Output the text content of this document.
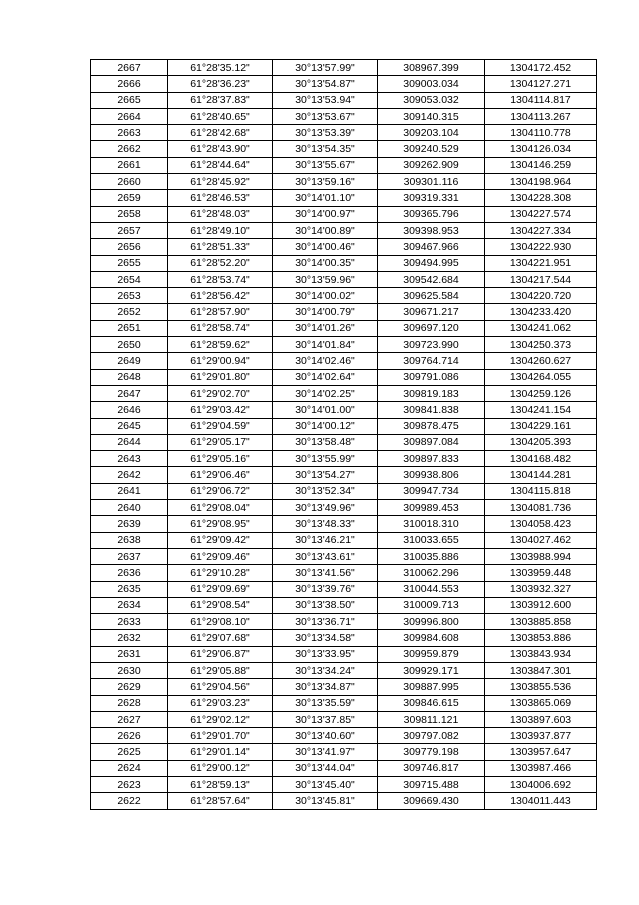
2667	61°28'35.12"	30°13'57.99"	308967.399	1304172.452
2666	61°28'36.23"	30°13'54.87"	309003.034	1304127.271
2665	61°28'37.83"	30°13'53.94"	309053.032	1304114.817
2664	61°28'40.65"	30°13'53.67"	309140.315	1304113.267
2663	61°28'42.68"	30°13'53.39"	309203.104	1304110.778
2662	61°28'43.90"	30°13'54.35"	309240.529	1304126.034
2661	61°28'44.64"	30°13'55.67"	309262.909	1304146.259
2660	61°28'45.92"	30°13'59.16"	309301.116	1304198.964
2659	61°28'46.53"	30°14'01.10"	309319.331	1304228.308
2658	61°28'48.03"	30°14'00.97"	309365.796	1304227.574
2657	61°28'49.10"	30°14'00.89"	309398.953	1304227.334
2656	61°28'51.33"	30°14'00.46"	309467.966	1304222.930
2655	61°28'52.20"	30°14'00.35"	309494.995	1304221.951
2654	61°28'53.74"	30°13'59.96"	309542.684	1304217.544
2653	61°28'56.42"	30°14'00.02"	309625.584	1304220.720
2652	61°28'57.90"	30°14'00.79"	309671.217	1304233.420
2651	61°28'58.74"	30°14'01.26"	309697.120	1304241.062
2650	61°28'59.62"	30°14'01.84"	309723.990	1304250.373
2649	61°29'00.94"	30°14'02.46"	309764.714	1304260.627
2648	61°29'01.80"	30°14'02.64"	309791.086	1304264.055
2647	61°29'02.70"	30°14'02.25"	309819.183	1304259.126
2646	61°29'03.42"	30°14'01.00"	309841.838	1304241.154
2645	61°29'04.59"	30°14'00.12"	309878.475	1304229.161
2644	61°29'05.17"	30°13'58.48"	309897.084	1304205.393
2643	61°29'05.16"	30°13'55.99"	309897.833	1304168.482
2642	61°29'06.46"	30°13'54.27"	309938.806	1304144.281
2641	61°29'06.72"	30°13'52.34"	309947.734	1304115.818
2640	61°29'08.04"	30°13'49.96"	309989.453	1304081.736
2639	61°29'08.95"	30°13'48.33"	310018.310	1304058.423
2638	61°29'09.42"	30°13'46.21"	310033.655	1304027.462
2637	61°29'09.46"	30°13'43.61"	310035.886	1303988.994
2636	61°29'10.28"	30°13'41.56"	310062.296	1303959.448
2635	61°29'09.69"	30°13'39.76"	310044.553	1303932.327
2634	61°29'08.54"	30°13'38.50"	310009.713	1303912.600
2633	61°29'08.10"	30°13'36.71"	309996.800	1303885.858
2632	61°29'07.68"	30°13'34.58"	309984.608	1303853.886
2631	61°29'06.87"	30°13'33.95"	309959.879	1303843.934
2630	61°29'05.88"	30°13'34.24"	309929.171	1303847.301
2629	61°29'04.56"	30°13'34.87"	309887.995	1303855.536
2628	61°29'03.23"	30°13'35.59"	309846.615	1303865.069
2627	61°29'02.12"	30°13'37.85"	309811.121	1303897.603
2626	61°29'01.70"	30°13'40.60"	309797.082	1303937.877
2625	61°29'01.14"	30°13'41.97"	309779.198	1303957.647
2624	61°29'00.12"	30°13'44.04"	309746.817	1303987.466
2623	61°28'59.13"	30°13'45.40"	309715.488	1304006.692
2622	61°28'57.64"	30°13'45.81"	309669.430	1304011.443
